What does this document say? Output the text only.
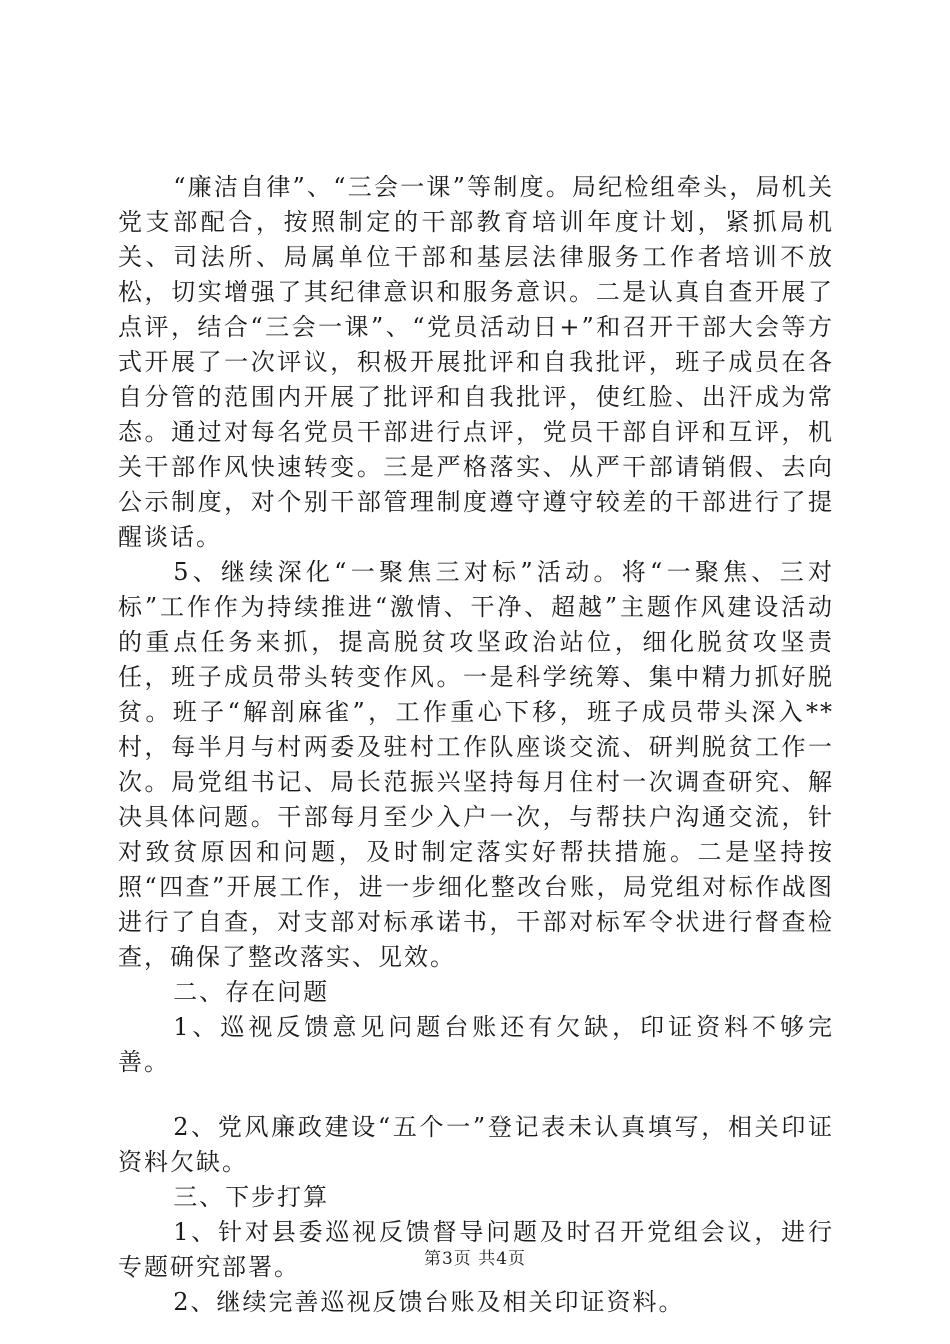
“廉洁自律”、“三会一课”等制度。局纪检组牵头，局机关党支部配合，按照制定的干部教育培训年度计划，紧抓局机关、司法所、局属单位干部和基层法律服务工作者培训不放松，切实增强了其纪律意识和服务意识。二是认真自查开展了点评，结合“三会一课”、“党员活动日+”和召开干部大会等方式开展了一次评议，积极开展批评和自我批评，班子成员在各自分管的范围内开展了批评和自我批评，使红脸、出汗成为常态。通过对每名党员干部进行点评，党员干部自评和互评，机关干部作风快速转变。三是严格落实、从严干部请销假、去向公示制度，对个别干部管理制度遵守遵守较差的干部进行了提醒谈话。

5、继续深化“一聚焦三对标”活动。将“一聚焦、三对标”工作作为持续推进“激情、干净、超越”主题作风建设活动的重点任务来抓，提高脱贫攻坚政治站位，细化脱贫攻坚责任，班子成员带头转变作风。一是科学统筹、集中精力抓好脱贫。班子“解剖麻雀”，工作重心下移，班子成员带头深入**村，每半月与村两委及驻村工作队座谈交流、研判脱贫工作一次。局党组书记、局长范振兴坚持每月住村一次调查研究、解决具体问题。干部每月至少入户一次，与帮扶户沟通交流，针对致贫原因和问题，及时制定落实好帮扶措施。二是坚持按照“四查”开展工作，进一步细化整改台账，局党组对标作战图进行了自查，对支部对标承诺书，干部对标军令状进行督查检查，确保了整改落实、见效。

二、存在问题

1、巡视反馈意见问题台账还有欠缺，印证资料不够完善。

2、党风廉政建设“五个一”登记表未认真填写，相关印证资料欠缺。

三、下步打算

1、针对县委巡视反馈督导问题及时召开党组会议，进行专题研究部署。

2、继续完善巡视反馈台账及相关印证资料。

第3页 共4页
